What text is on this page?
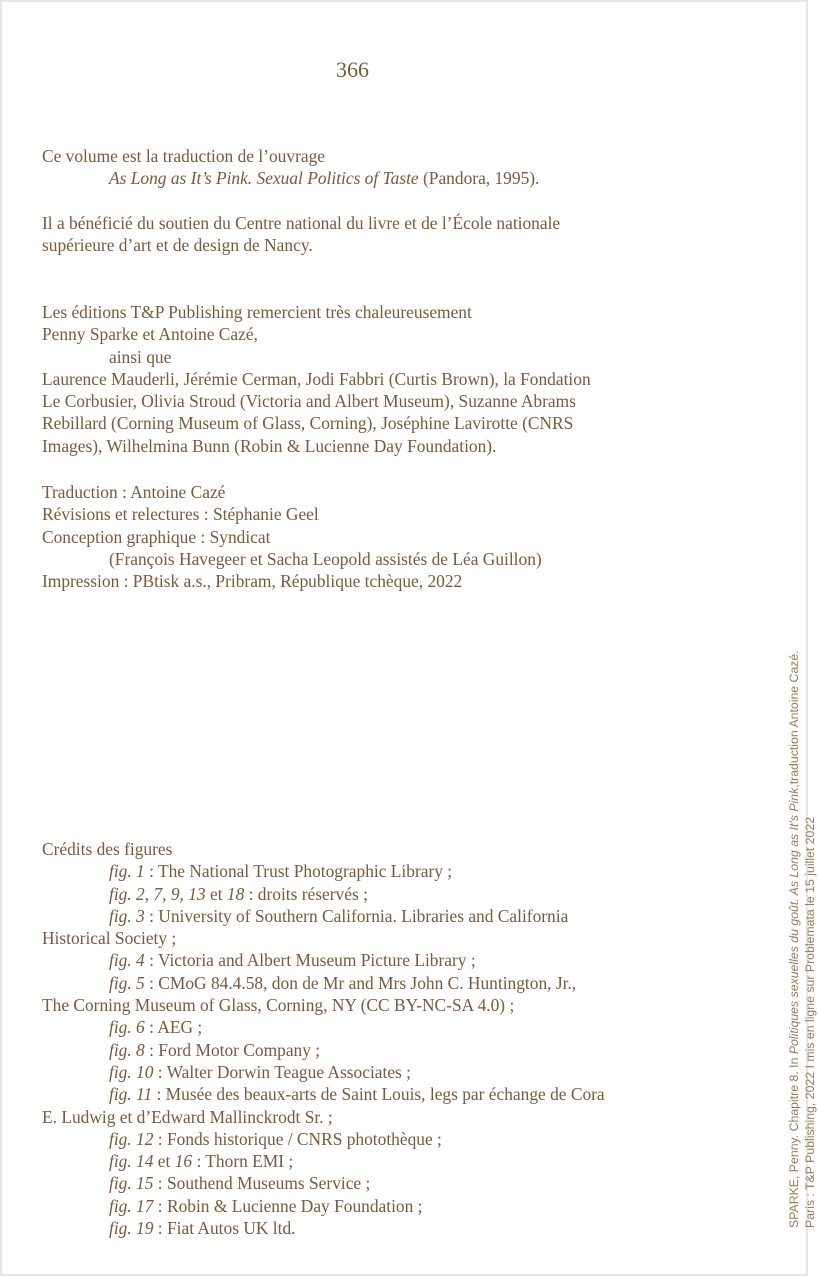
366
Ce volume est la traduction de l’ouvrage
As Long as It’s Pink. Sexual Politics of Taste (Pandora, 1995).
Il a bénéficié du soutien du Centre national du livre et de l’École nationale
supérieure d’art et de design de Nancy.
Les éditions T&P Publishing remercient très chaleureusement
Penny Sparke et Antoine Cazé,
ainsi que
Laurence Mauderli, Jérémie Cerman, Jodi Fabbri (Curtis Brown), la Fondation
Le Corbusier, Olivia Stroud (Victoria and Albert Museum), Suzanne Abrams
Rebillard (Corning Museum of Glass, Corning), Joséphine Lavirotte (CNRS
Images), Wilhelmina Bunn (Robin & Lucienne Day Foundation).
Traduction : Antoine Cazé
Révisions et relectures : Stéphanie Geel
Conception graphique : Syndicat
(François Havegeer et Sacha Leopold assistés de Léa Guillon)
Impression : PBtisk a.s., Pribram, République tchèque, 2022
Crédits des figures
fig. 1 : The National Trust Photographic Library ;
fig. 2, 7, 9, 13 et 18 : droits réservés ;
fig. 3 : University of Southern California. Libraries and California
Historical Society ;
fig. 4 : Victoria and Albert Museum Picture Library ;
fig. 5 : CMoG 84.4.58, don de Mr and Mrs John C. Huntington, Jr.,
The Corning Museum of Glass, Corning, NY (CC BY-NC-SA 4.0) ;
fig. 6 : AEG ;
fig. 8 : Ford Motor Company ;
fig. 10 : Walter Dorwin Teague Associates ;
fig. 11 : Musée des beaux-arts de Saint Louis, legs par échange de Cora
E. Ludwig et d’Edward Mallinckrodt Sr. ;
fig. 12 : Fonds historique / CNRS photothèque ;
fig. 14 et 16 : Thorn EMI ;
fig. 15 : Southend Museums Service ;
fig. 17 : Robin & Lucienne Day Foundation ;
fig. 19 : Fiat Autos UK ltd.
SPARKE, Penny. Chapitre 8. In Politiques sexuelles du goût. As Long as It's Pink,traduction Antoine Cazé.
Paris : T&P Publishing, 2022 I mis en ligne sur Problemata le 15 juillet 2022
